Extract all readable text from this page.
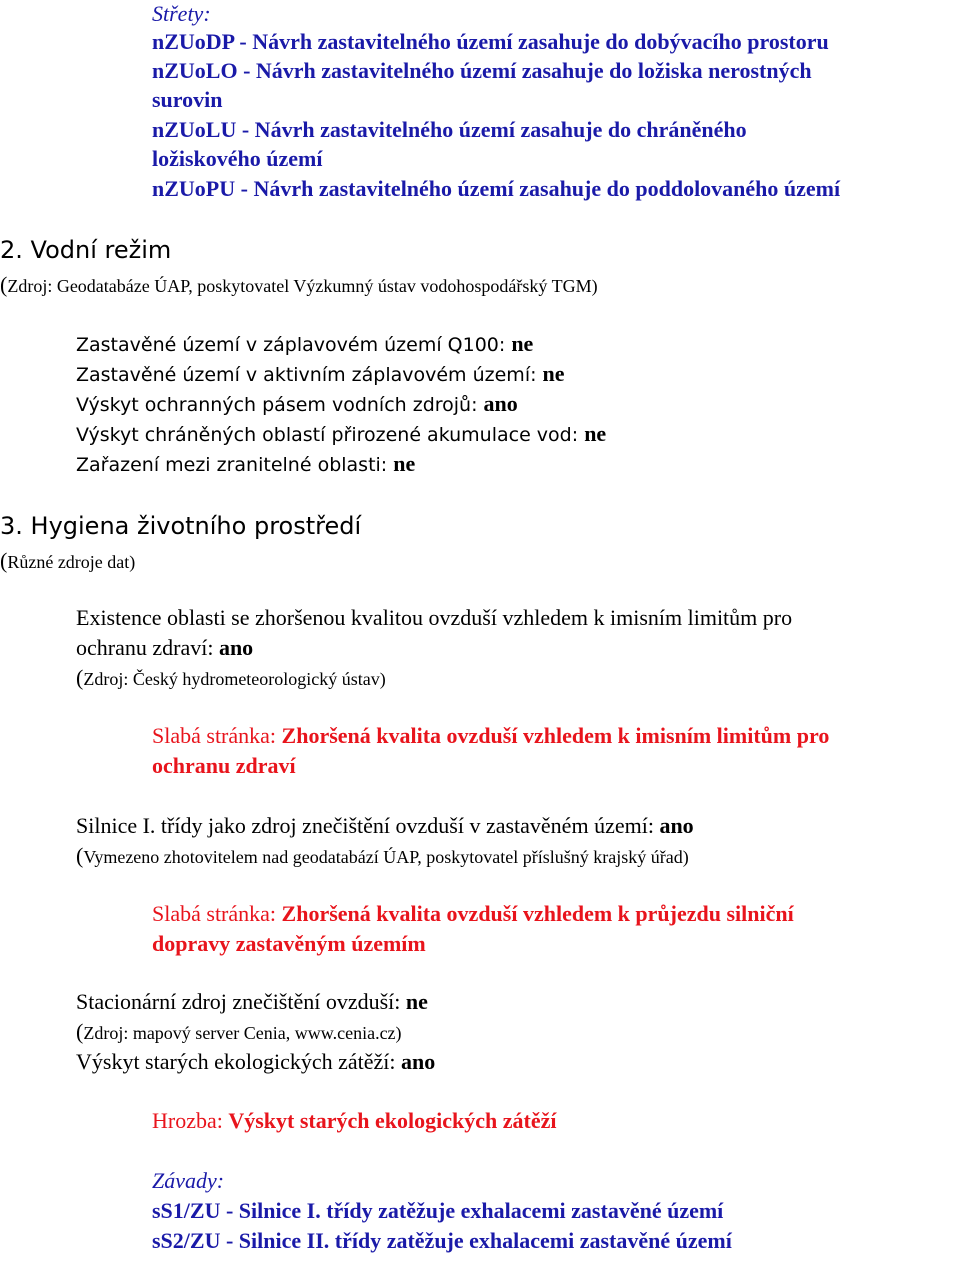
Střety:
nZUoDP - Návrh zastavitelného území zasahuje do dobývacího prostoru
nZUoLO - Návrh zastavitelného území zasahuje do ložiska nerostných
surovin
nZUoLU - Návrh zastavitelného území zasahuje do chráněného
ložiskového území
nZUoPU - Návrh zastavitelného území zasahuje do poddolovaného území
2. Vodní režim
(Zdroj: Geodatabáze ÚAP, poskytovatel Výzkumný ústav vodohospodářský TGM)
Zastavěné území v záplavovém území Q100: ne
Zastavěné území v aktivním záplavovém území: ne
Výskyt ochranných pásem vodních zdrojů: ano
Výskyt chráněných oblastí přirozené akumulace vod: ne
Zařazení mezi zranitelné oblasti: ne
3. Hygiena životního prostředí
(Různé zdroje dat)
Existence oblasti se zhoršenou kvalitou ovzduší vzhledem k imisním limitům pro
ochranu zdraví: ano
(Zdroj: Český hydrometeorologický ústav)
Slabá stránka: Zhoršená kvalita ovzduší vzhledem k imisním limitům pro
ochranu zdraví
Silnice I. třídy jako zdroj znečištění ovzduší v zastavěném území: ano
(Vymezeno zhotovitelem nad geodatabází ÚAP, poskytovatel příslušný krajský úřad)
Slabá stránka: Zhoršená kvalita ovzduší vzhledem k průjezdu silniční
dopravy zastavěným územím
Stacionární zdroj znečištění ovzduší: ne
(Zdroj: mapový server Cenia, www.cenia.cz)
Výskyt starých ekologických zátěží: ano
Hrozba: Výskyt starých ekologických zátěží
Závady:
sS1/ZU - Silnice I. třídy zatěžuje exhalacemi zastavěné území
sS2/ZU - Silnice II. třídy zatěžuje exhalacemi zastavěné území
